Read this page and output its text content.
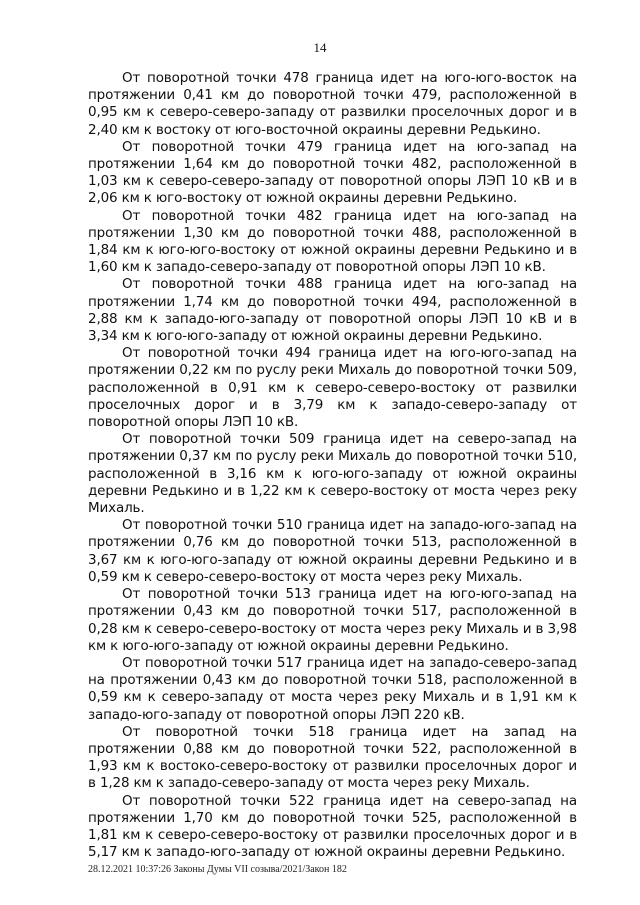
14

От поворотной точки 478 граница идет на юго-юго-восток на протяжении 0,41 км до поворотной точки 479, расположенной в 0,95 км к северо-северо-западу от развилки проселочных дорог и в 2,40 км к востоку от юго-восточной окраины деревни Редькино.

От поворотной точки 479 граница идет на юго-запад на протяжении 1,64 км до поворотной точки 482, расположенной в 1,03 км к северо-северо-западу от поворотной опоры ЛЭП 10 кВ и в 2,06 км к юго-востоку от южной окраины деревни Редькино.

От поворотной точки 482 граница идет на юго-запад на протяжении 1,30 км до поворотной точки 488, расположенной в 1,84 км к юго-юго-востоку от южной окраины деревни Редькино и в 1,60 км к западо-северо-западу от поворотной опоры ЛЭП 10 кВ.

От поворотной точки 488 граница идет на юго-запад на протяжении 1,74 км до поворотной точки 494, расположенной в 2,88 км к западо-юго-западу от поворотной опоры ЛЭП 10 кВ и в 3,34 км к юго-юго-западу от южной окраины деревни Редькино.

От поворотной точки 494 граница идет на юго-юго-запад на протяжении 0,22 км по руслу реки Михаль до поворотной точки 509, расположенной в 0,91 км к северо-северо-востоку от развилки проселочных дорог и в 3,79 км к западо-северо-западу от поворотной опоры ЛЭП 10 кВ.

От поворотной точки 509 граница идет на северо-запад на протяжении 0,37 км по руслу реки Михаль до поворотной точки 510, расположенной в 3,16 км к юго-юго-западу от южной окраины деревни Редькино и в 1,22 км к северо-востоку от моста через реку Михаль.

От поворотной точки 510 граница идет на западо-юго-запад на протяжении 0,76 км до поворотной точки 513, расположенной в 3,67 км к юго-юго-западу от южной окраины деревни Редькино и в 0,59 км к северо-северо-востоку от моста через реку Михаль.

От поворотной точки 513 граница идет на юго-юго-запад на протяжении 0,43 км до поворотной точки 517, расположенной в 0,28 км к северо-северо-востоку от моста через реку Михаль и в 3,98 км к юго-юго-западу от южной окраины деревни Редькино.

От поворотной точки 517 граница идет на западо-северо-запад на протяжении 0,43 км до поворотной точки 518, расположенной в 0,59 км к северо-западу от моста через реку Михаль и в 1,91 км к западо-юго-западу от поворотной опоры ЛЭП 220 кВ.

От поворотной точки 518 граница идет на запад на протяжении 0,88 км до поворотной точки 522, расположенной в 1,93 км к востоко-северо-востоку от развилки проселочных дорог и в 1,28 км к западо-северо-западу от моста через реку Михаль.

От поворотной точки 522 граница идет на северо-запад на протяжении 1,70 км до поворотной точки 525, расположенной в 1,81 км к северо-северо-востоку от развилки проселочных дорог и в 5,17 км к западо-юго-западу от южной окраины деревни Редькино.

28.12.2021 10:37:26 Законы Думы VII созыва/2021/Закон 182
